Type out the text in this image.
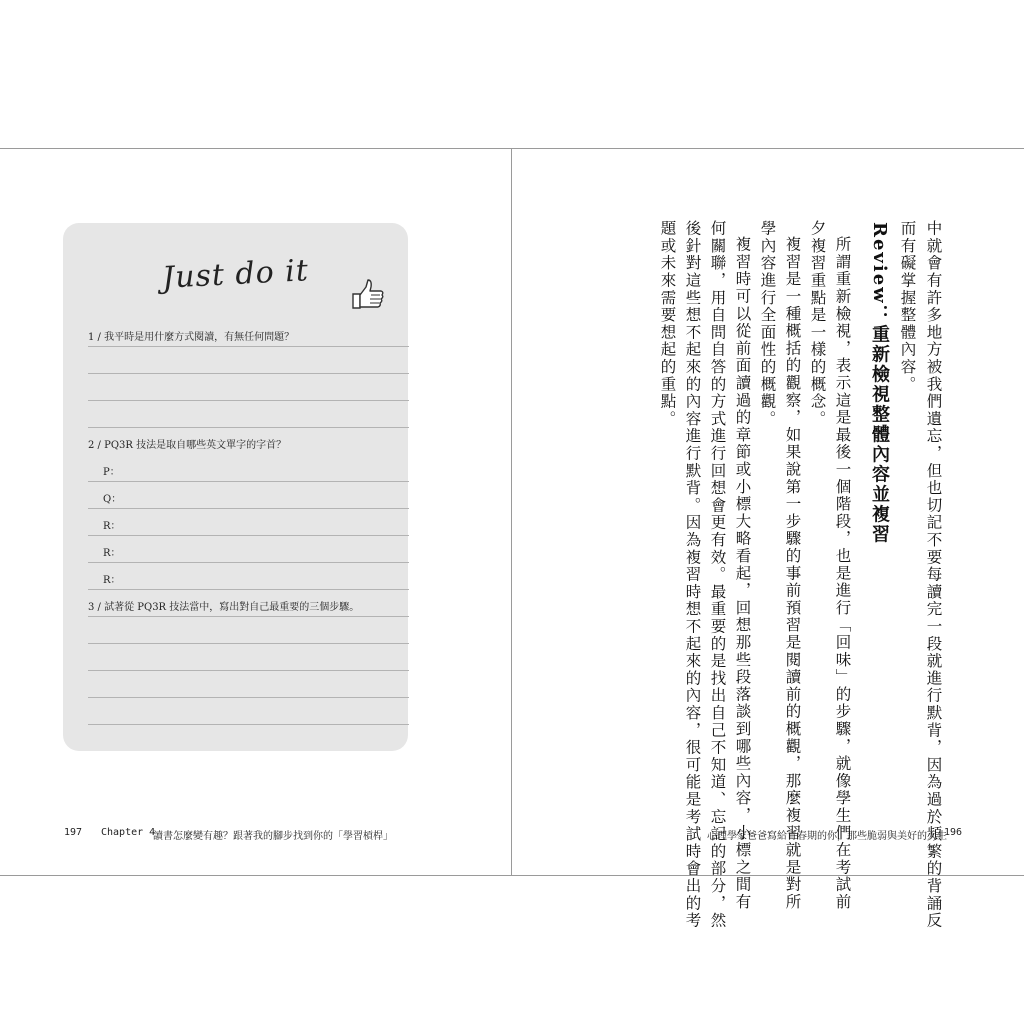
Just do it
1 / 我平時是用什麼方式閱讀，有無任何問題？
2 / PQ3R 技法是取自哪些英文單字的字首？
P：
Q：
R：
R：
R：
3 / 試著從 PQ3R 技法當中，寫出對自己最重要的三個步驟。
197 Chapter 4
讀書怎麼變有趣？跟著我的腳步找到你的「學習槓桿」	中就會有許多地方被我們遺忘，但也切記不要每讀完一段就進行默背，因為過於頻繁的背誦反
而有礙掌握整體內容。
Review：重新檢視整體內容並複習
所謂重新檢視，表示這是最後一個階段，也是進行「回味」的步驟，就像學生們在考試前
夕複習重點是一樣的概念。
複習是一種概括的觀察，如果說第一步驟的事前預習是閱讀前的概觀，那麼複習就是對所
學內容進行全面性的概觀。
複習時可以從前面讀過的章節或小標大略看起，回想那些段落談到哪些內容，小標之間有
何關聯，用自問自答的方式進行回想會更有效。最重要的是找出自己不知道、忘記的部分，然
後針對這些想不起來的內容進行默背。因為複習時想不起來的內容，很可能是考試時會出的考
題或未來需要想起的重點。
心理學家爸爸寫給青春期的你，那些脆弱與美好的人生
196
